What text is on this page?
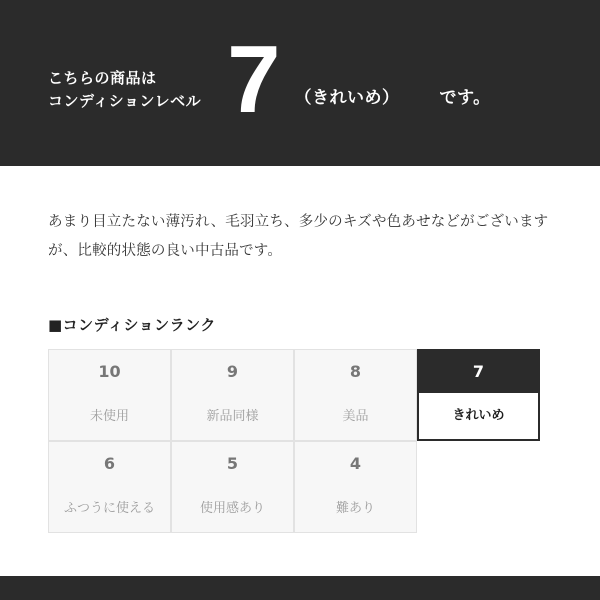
こちらの商品は
コンディションレベル 7 （きれいめ） です。

あまり目立たない薄汚れ、毛羽立ち、多少のキズや色あせなどがございますが、比較的状態の良い中古品です。

■コンディションランク
10	9	8	7
未使用	新品同様	美品	きれいめ
6	5	4
ふつうに使える	使用感あり	難あり
